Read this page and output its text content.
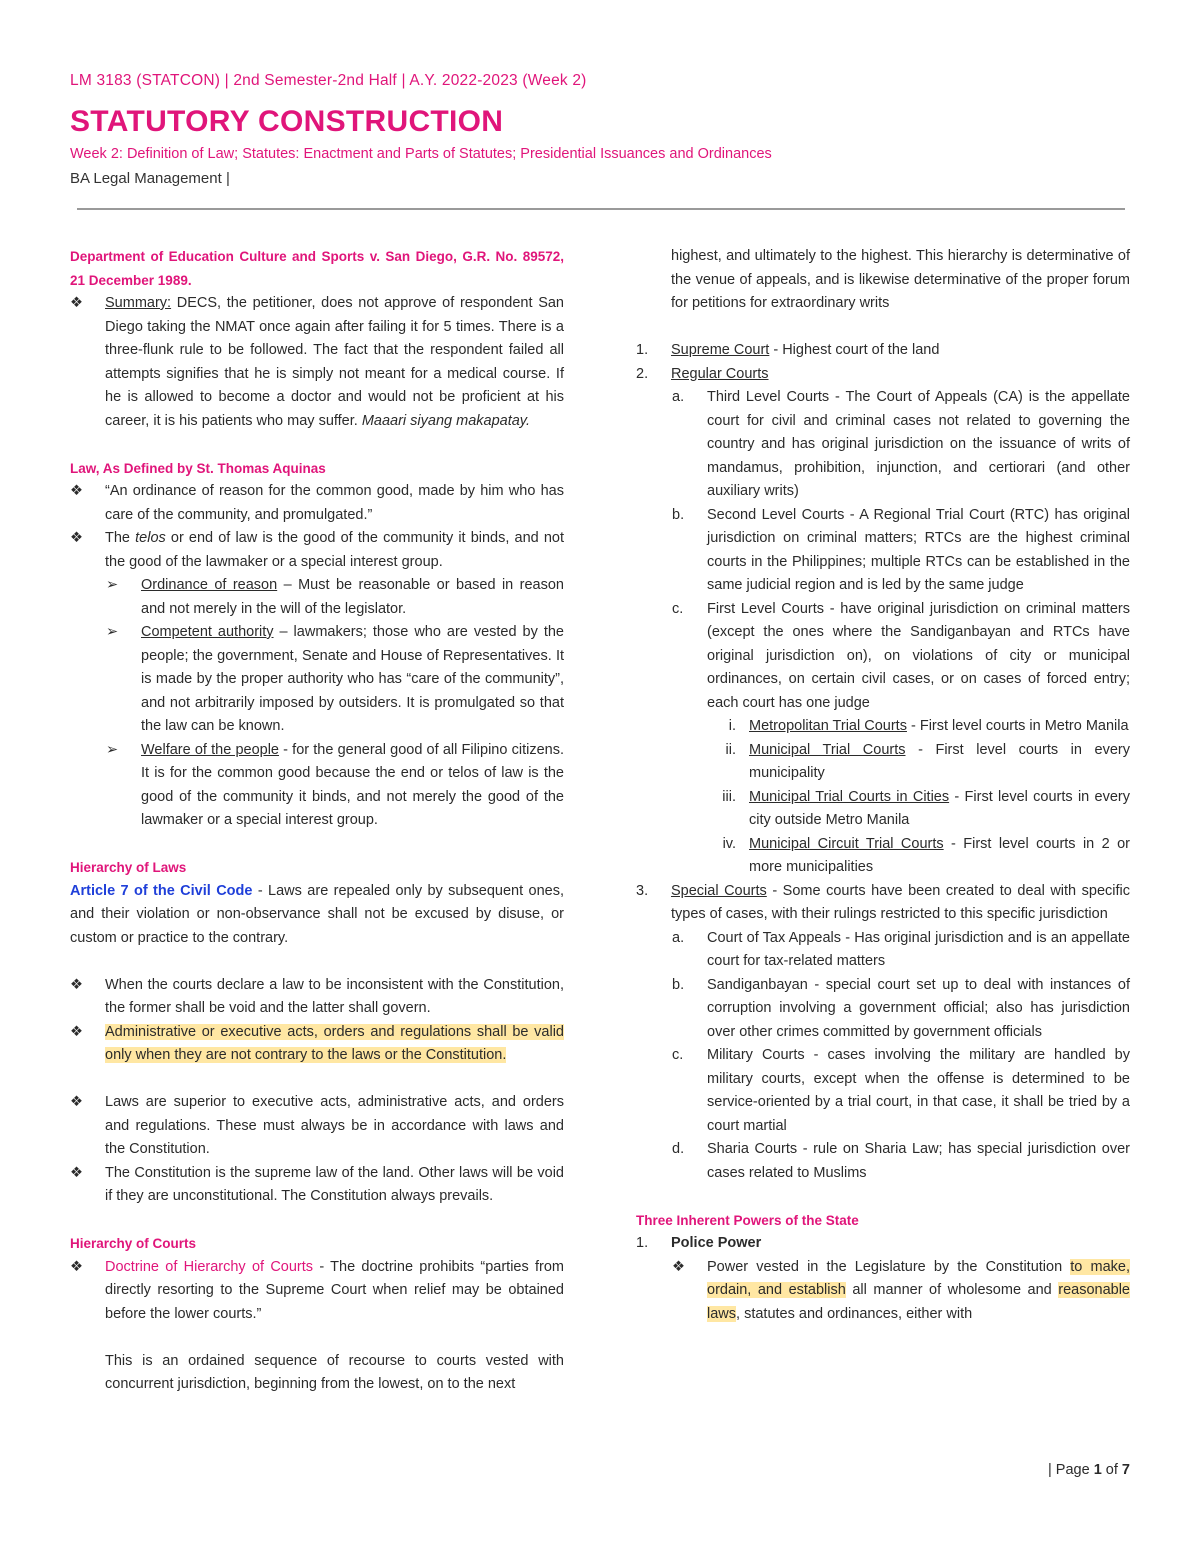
LM 3183 (STATCON) | 2nd Semester-2nd Half | A.Y. 2022-2023 (Week 2)
STATUTORY CONSTRUCTION
Week 2: Definition of Law; Statutes: Enactment and Parts of Statutes; Presidential Issuances and Ordinances
BA Legal Management |
Department of Education Culture and Sports v. San Diego, G.R. No. 89572, 21 December 1989.
❖	Summary: DECS, the petitioner, does not approve of respondent San Diego taking the NMAT once again after failing it for 5 times. There is a three-flunk rule to be followed. The fact that the respondent failed all attempts signifies that he is simply not meant for a medical course. If he is allowed to become a doctor and would not be proficient at his career, it is his patients who may suffer. Maaari siyang makapatay.
Law, As Defined by St. Thomas Aquinas
❖	“An ordinance of reason for the common good, made by him who has care of the community, and promulgated.”
❖	The telos or end of law is the good of the community it binds, and not the good of the lawmaker or a special interest group.
➢	Ordinance of reason – Must be reasonable or based in reason and not merely in the will of the legislator.
➢	Competent authority – lawmakers; those who are vested by the people; the government, Senate and House of Representatives. It is made by the proper authority who has “care of the community”, and not arbitrarily imposed by outsiders. It is promulgated so that the law can be known.
➢	Welfare of the people - for the general good of all Filipino citizens. It is for the common good because the end or telos of law is the good of the community it binds, and not merely the good of the lawmaker or a special interest group.
Hierarchy of Laws
Article 7 of the Civil Code - Laws are repealed only by subsequent ones, and their violation or non-observance shall not be excused by disuse, or custom or practice to the contrary.
❖	When the courts declare a law to be inconsistent with the Constitution, the former shall be void and the latter shall govern.
❖	Administrative or executive acts, orders and regulations shall be valid only when they are not contrary to the laws or the Constitution.
❖	Laws are superior to executive acts, administrative acts, and orders and regulations. These must always be in accordance with laws and the Constitution.
❖	The Constitution is the supreme law of the land. Other laws will be void if they are unconstitutional. The Constitution always prevails.
Hierarchy of Courts
❖	Doctrine of Hierarchy of Courts - The doctrine prohibits “parties from directly resorting to the Supreme Court when relief may be obtained before the lower courts.”
This is an ordained sequence of recourse to courts vested with concurrent jurisdiction, beginning from the lowest, on to the next
highest, and ultimately to the highest. This hierarchy is determinative of the venue of appeals, and is likewise determinative of the proper forum for petitions for extraordinary writs
1.	Supreme Court - Highest court of the land
2.	Regular Courts
a.	Third Level Courts - The Court of Appeals (CA) is the appellate court for civil and criminal cases not related to governing the country and has original jurisdiction on the issuance of writs of mandamus, prohibition, injunction, and certiorari (and other auxiliary writs)
b.	Second Level Courts - A Regional Trial Court (RTC) has original jurisdiction on criminal matters; RTCs are the highest criminal courts in the Philippines; multiple RTCs can be established in the same judicial region and is led by the same judge
c.	First Level Courts - have original jurisdiction on criminal matters (except the ones where the Sandiganbayan and RTCs have original jurisdiction on), on violations of city or municipal ordinances, on certain civil cases, or on cases of forced entry; each court has one judge
i. Metropolitan Trial Courts - First level courts in Metro Manila
ii. Municipal Trial Courts - First level courts in every municipality
iii. Municipal Trial Courts in Cities - First level courts in every city outside Metro Manila
iv. Municipal Circuit Trial Courts - First level courts in 2 or more municipalities
3.	Special Courts - Some courts have been created to deal with specific types of cases, with their rulings restricted to this specific jurisdiction
a.	Court of Tax Appeals - Has original jurisdiction and is an appellate court for tax-related matters
b.	Sandiganbayan - special court set up to deal with instances of corruption involving a government official; also has jurisdiction over other crimes committed by government officials
c.	Military Courts - cases involving the military are handled by military courts, except when the offense is determined to be service-oriented by a trial court, in that case, it shall be tried by a court martial
d.	Sharia Courts - rule on Sharia Law; has special jurisdiction over cases related to Muslims
Three Inherent Powers of the State
1.	Police Power
❖	Power vested in the Legislature by the Constitution to make, ordain, and establish all manner of wholesome and reasonable laws, statutes and ordinances, either with
| Page 1 of 7
